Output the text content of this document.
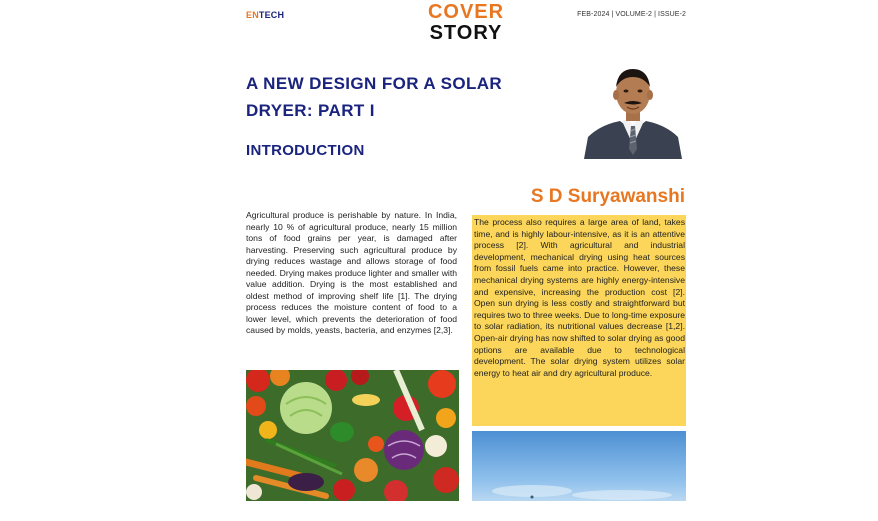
ENTECH	COVER
STORY
FEB-2024 | VOLUME-2 | ISSUE-2
A NEW DESIGN FOR A SOLAR
DRYER: PART I
INTRODUCTION
S D Suryawanshi
Agricultural produce is perishable by nature. In India, nearly 10 % of agricultural produce, nearly 15 million tons of food grains per year, is damaged after harvesting. Preserving such agricultural produce by drying reduces wastage and allows storage of food needed. Drying makes produce lighter and smaller with value addition. Drying is the most established and oldest method of improving shelf life [1]. The drying process reduces the moisture content of food to a lower level, which prevents the deterioration of food caused by molds, yeasts, bacteria, and enzymes [2,3].
The process also requires a large area of land, takes time, and is highly labour-intensive, as it is an attentive process [2]. With agricultural and industrial development, mechanical drying using heat sources from fossil fuels came into practice. However, these mechanical drying systems are highly energy-intensive and expensive, increasing the production cost [2]. Open sun drying is less costly and straightforward but requires two to three weeks. Due to long-time exposure to solar radiation, its nutritional values decrease [1,2]. Open-air drying has now shifted to solar drying as good options are available due to technological development. The solar drying system utilizes solar energy to heat air and dry agricultural produce.
